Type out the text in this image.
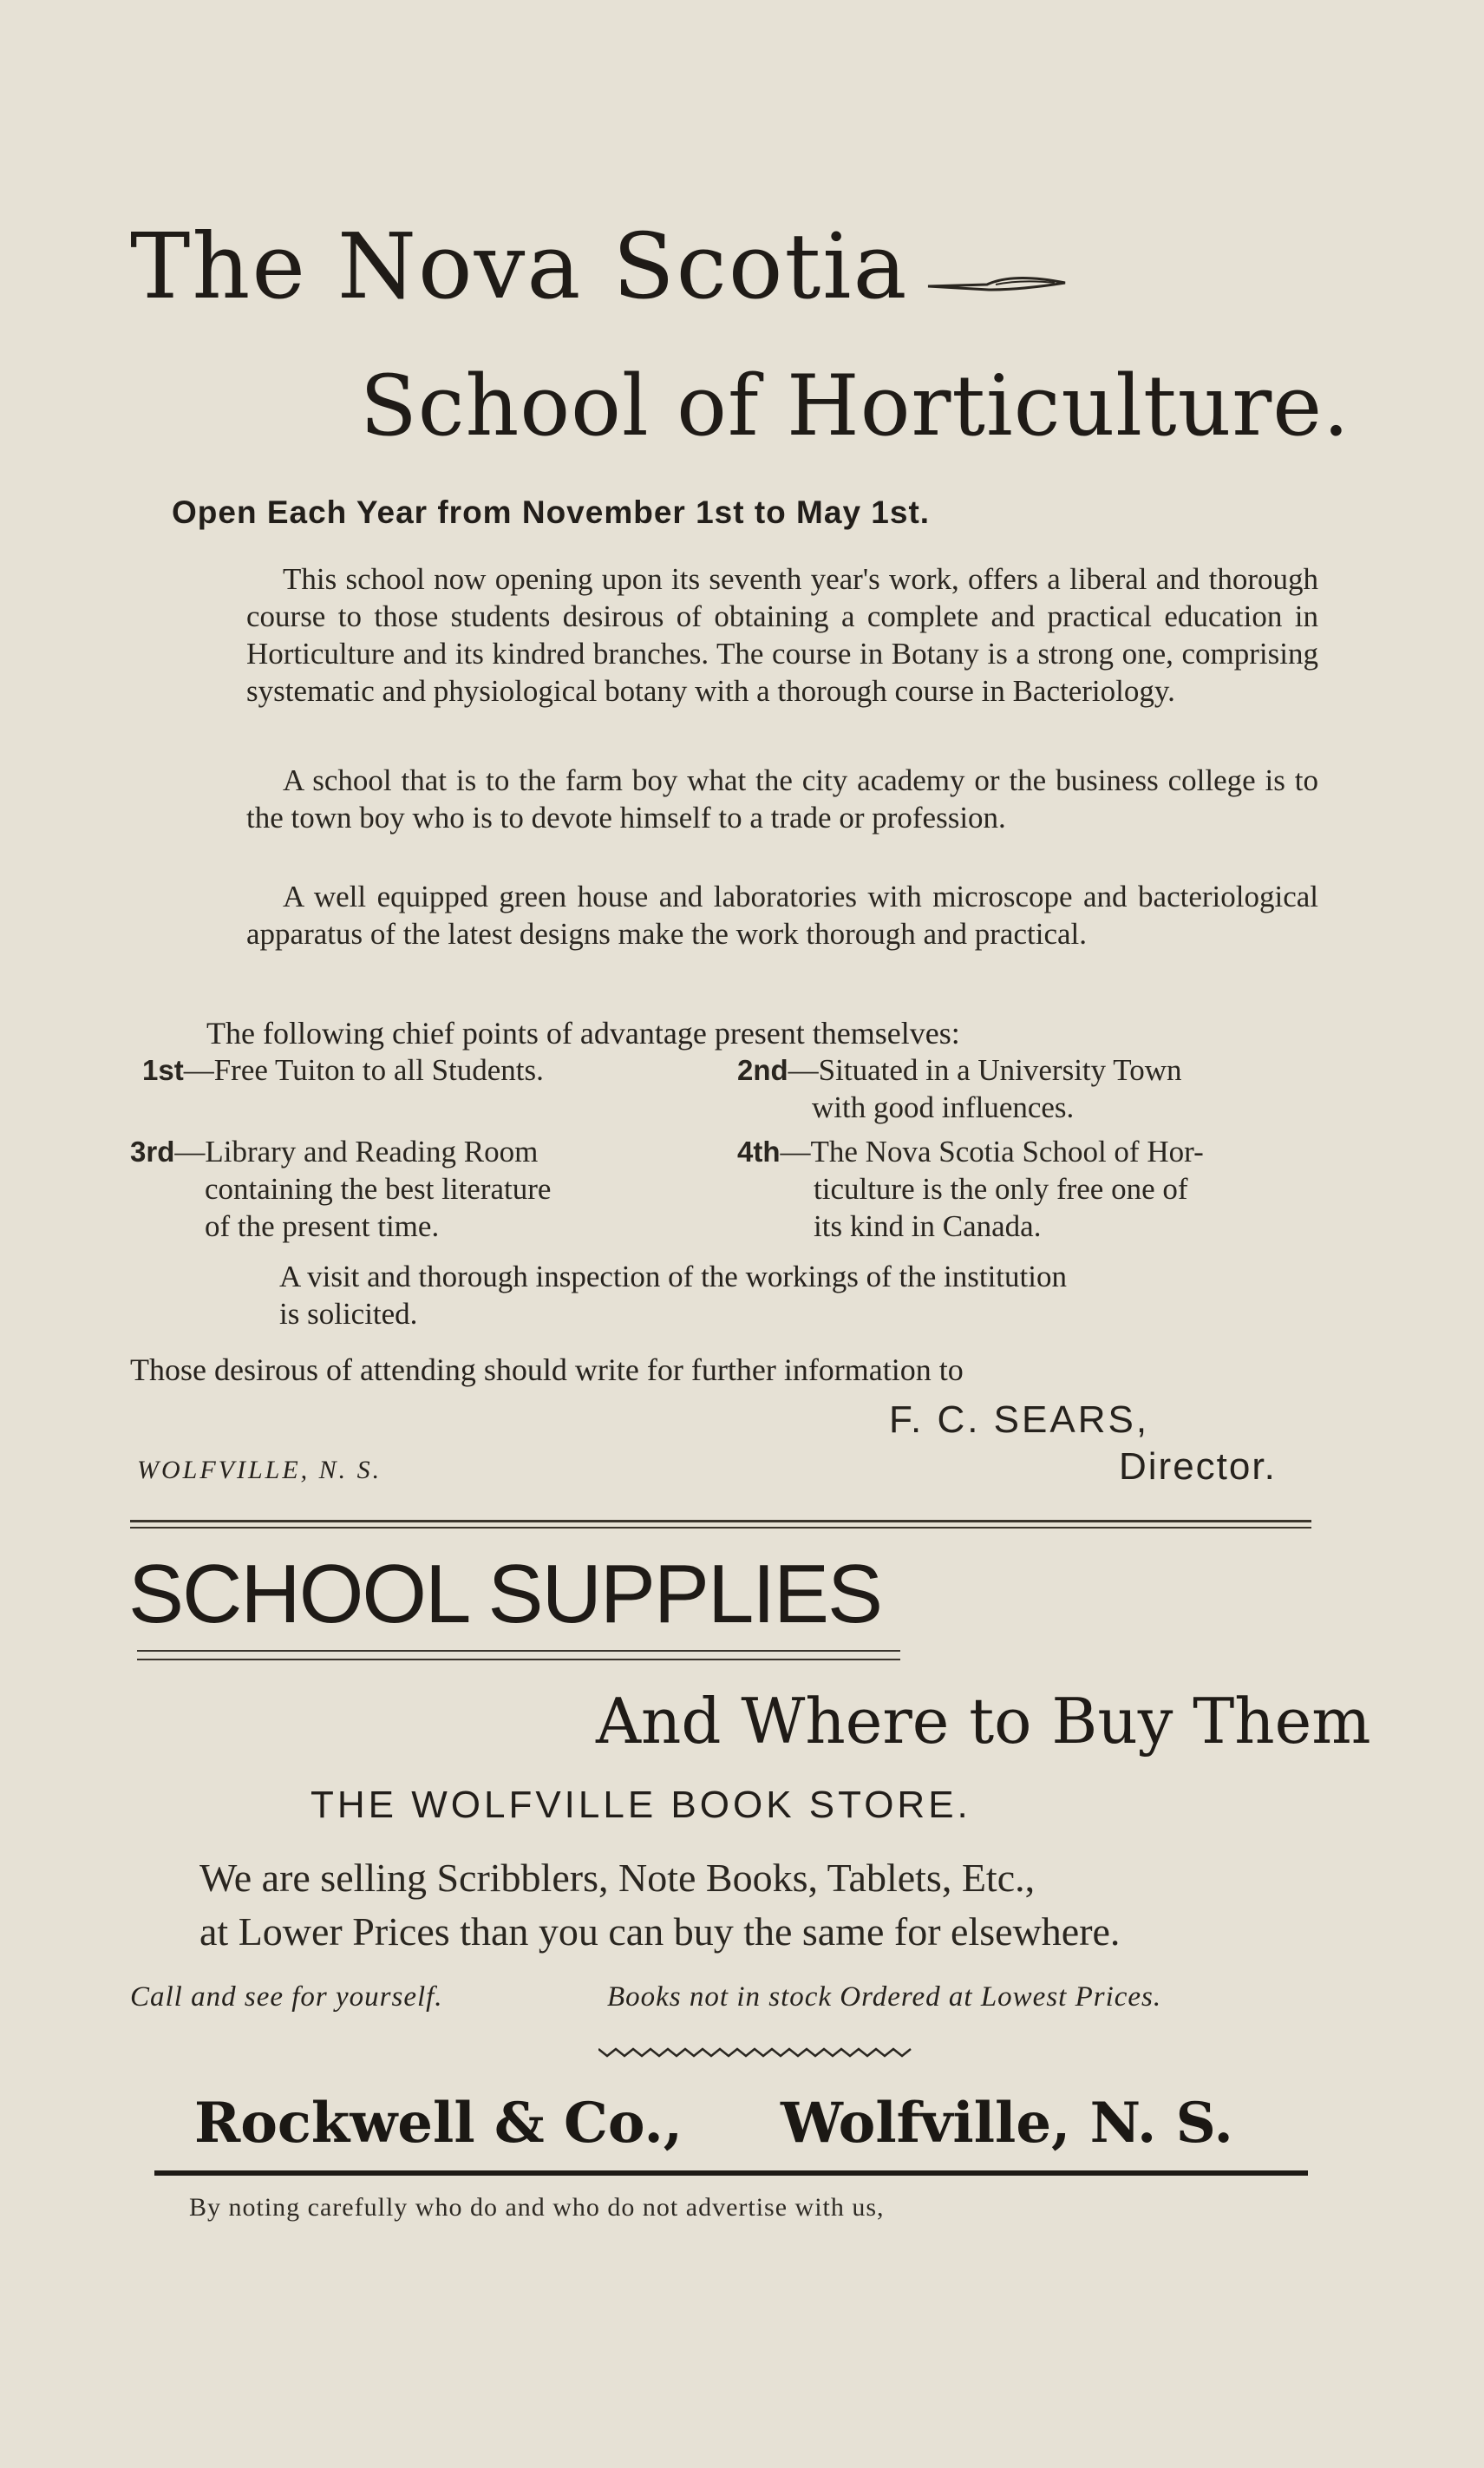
The Nova Scotia
School of Horticulture.
Open Each Year from November 1st to May 1st.
This school now opening upon its seventh year's work, offers a liberal and thorough course to those students desirous of obtaining a complete and practical education in Horticulture and its kindred branches. The course in Botany is a strong one, comprising systematic and physiological botany with a thorough course in Bacteriology.
A school that is to the farm boy what the city academy or the business college is to the town boy who is to devote himself to a trade or profession.
A well equipped green house and laboratories with microscope and bacteriological apparatus of the latest designs make the work thorough and practical.
The following chief points of advantage present themselves:
1st—Free Tuiton to all Students.	2nd—Situated in a University Town
with good influences.
3rd—Library and Reading Room
containing the best literature
of the present time.
4th—The Nova Scotia School of Hor-
ticulture is the only free one of
its kind in Canada.
A visit and thorough inspection of the workings of the institution
is solicited.
Those desirous of attending should write for further information to
F. C. SEARS,
WOLFVILLE, N. S.	Director.
SCHOOL SUPPLIES
And Where to Buy Them
THE WOLFVILLE BOOK STORE.
We are selling Scribblers, Note Books, Tablets, Etc.,
at Lower Prices than you can buy the same for elsewhere.
Call and see for yourself.	Books not in stock Ordered at Lowest Prices.
Rockwell & Co., Wolfville, N. S.
By noting carefully who do and who do not advertise with us,
